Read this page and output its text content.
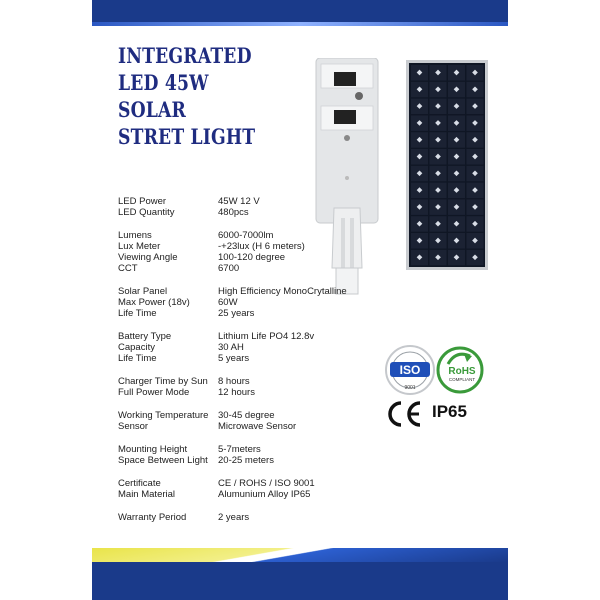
INTEGRATED
LED 45W
SOLAR
STRET LIGHT
LED Power	45W 12 V
LED Quantity	480pcs
Lumens	6000-7000lm
Lux Meter	-+23lux (H 6 meters)
Viewing Angle	100-120 degree
CCT	6700
Solar Panel	High Efficiency MonoCrytalline
Max Power (18v)	60W
Life Time	25 years
Battery Type	Lithium Life PO4 12.8v
Capacity	30 AH
Life Time	5 years
Charger Time by Sun	8 hours
Full Power Mode	12 hours
Working Temperature	30-45 degree
Sensor	Microwave Sensor
Mounting Height	5-7meters
Space Between Light	20-25 meters
Certificate	CE / ROHS / ISO 9001
Main Material	Alumunium Alloy IP65
Warranty Period	2 years
ISO
9001
RoHS
COMPLIANT
IP65
